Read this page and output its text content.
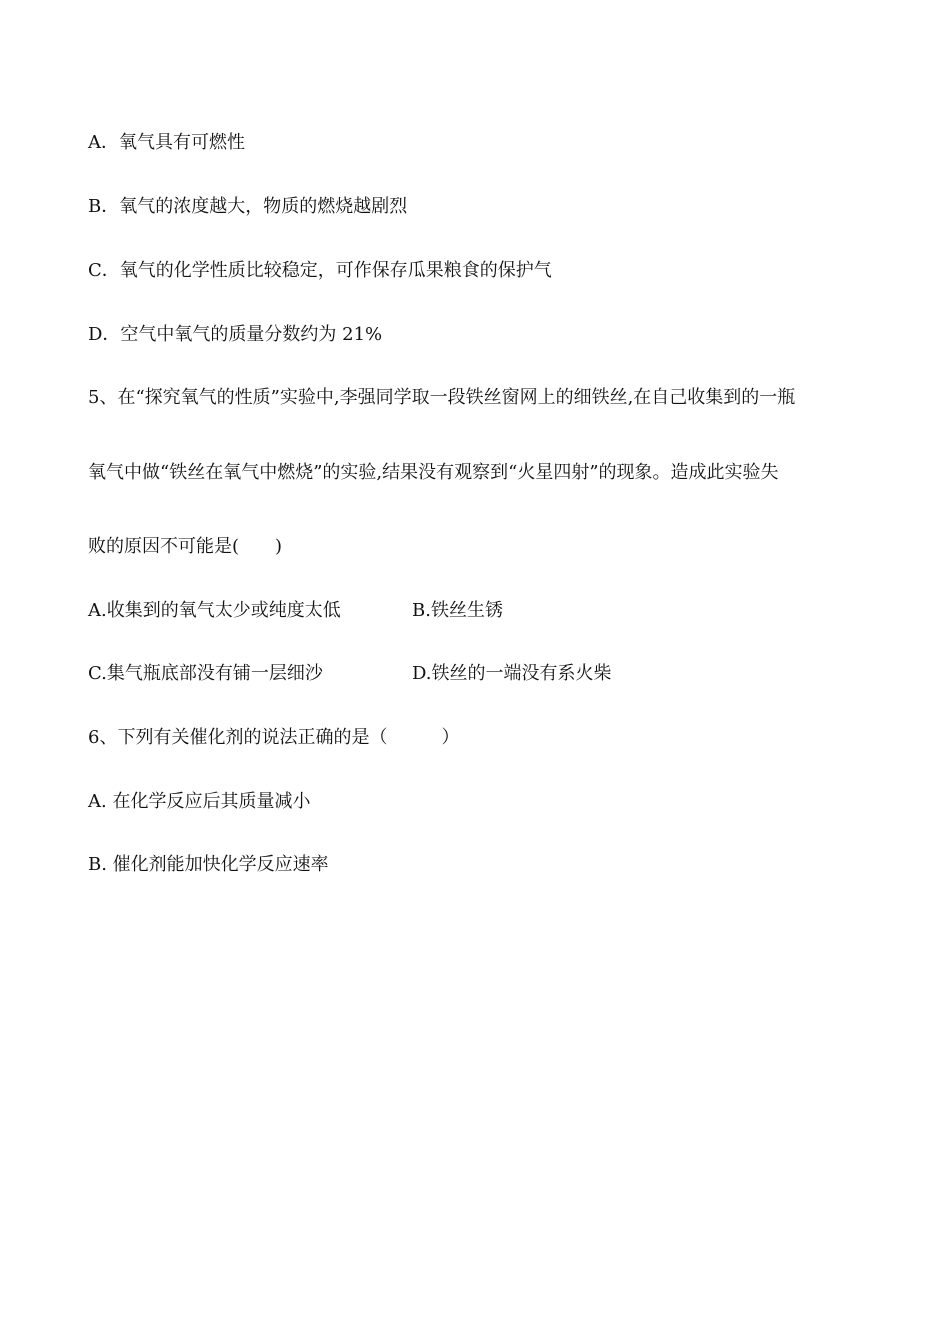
A．氧气具有可燃性
B．氧气的浓度越大，物质的燃烧越剧烈
C．氧气的化学性质比较稳定，可作保存瓜果粮食的保护气
D．空气中氧气的质量分数约为 21%
5、在“探究氧气的性质”实验中,李强同学取一段铁丝窗网上的细铁丝,在自己收集到的一瓶
氧气中做“铁丝在氧气中燃烧”的实验,结果没有观察到“火星四射”的现象。造成此实验失
败的原因不可能是(　　)
A.收集到的氧气太少或纯度太低	B.铁丝生锈
C.集气瓶底部没有铺一层细沙	D.铁丝的一端没有系火柴
6、下列有关催化剂的说法正确的是（　　　）
A. 在化学反应后其质量减小
B. 催化剂能加快化学反应速率
